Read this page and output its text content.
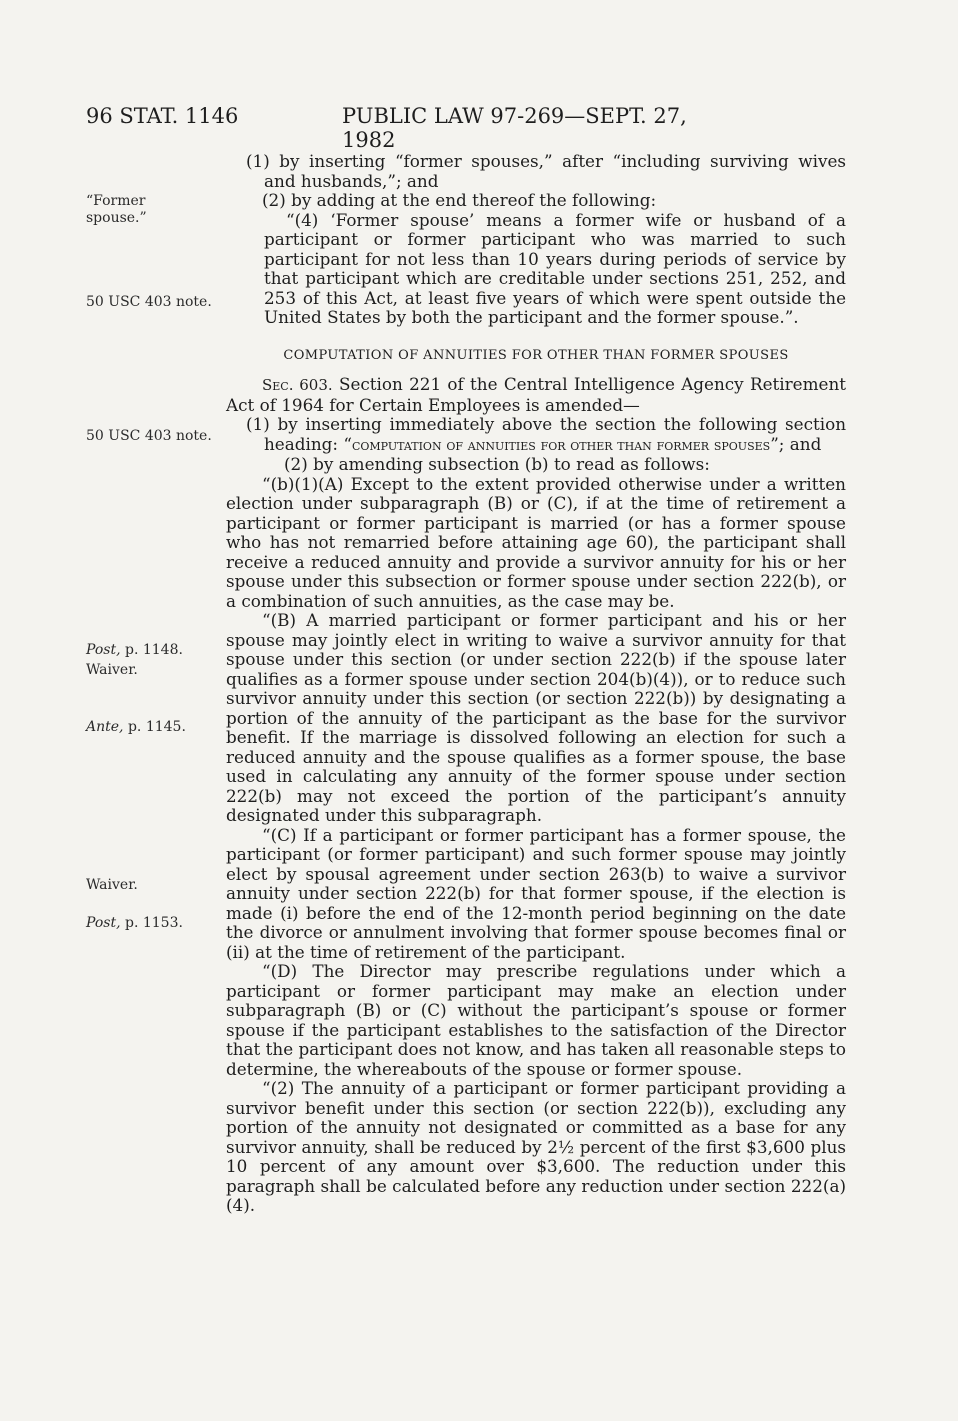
96 STAT. 1146	PUBLIC LAW 97-269—SEPT. 27, 1982
“Former
spouse.”
50 USC 403 note.
50 USC 403 note.
Post, p. 1148.
Waiver.
Ante, p. 1145.
Waiver.
Post, p. 1153.

(1) by inserting “former spouses,” after “including surviving wives and husbands,”; and

(2) by adding at the end thereof the following:

“(4) ‘Former spouse’ means a former wife or husband of a participant or former participant who was married to such participant for not less than 10 years during periods of service by that participant which are creditable under sections 251, 252, and 253 of this Act, at least five years of which were spent outside the United States by both the participant and the former spouse.”.

COMPUTATION OF ANNUITIES FOR OTHER THAN FORMER SPOUSES

Sec. 603. Section 221 of the Central Intelligence Agency Retirement Act of 1964 for Certain Employees is amended—

(1) by inserting immediately above the section the following section heading: “computation of annuities for other than former spouses”; and

(2) by amending subsection (b) to read as follows:

“(b)(1)(A) Except to the extent provided otherwise under a written election under subparagraph (B) or (C), if at the time of retirement a participant or former participant is married (or has a former spouse who has not remarried before attaining age 60), the participant shall receive a reduced annuity and provide a survivor annuity for his or her spouse under this subsection or former spouse under section 222(b), or a combination of such annuities, as the case may be.

“(B) A married participant or former participant and his or her spouse may jointly elect in writing to waive a survivor annuity for that spouse under this section (or under section 222(b) if the spouse later qualifies as a former spouse under section 204(b)(4)), or to reduce such survivor annuity under this section (or section 222(b)) by designating a portion of the annuity of the participant as the base for the survivor benefit. If the marriage is dissolved following an election for such a reduced annuity and the spouse qualifies as a former spouse, the base used in calculating any annuity of the former spouse under section 222(b) may not exceed the portion of the participant’s annuity designated under this subparagraph.

“(C) If a participant or former participant has a former spouse, the participant (or former participant) and such former spouse may jointly elect by spousal agreement under section 263(b) to waive a survivor annuity under section 222(b) for that former spouse, if the election is made (i) before the end of the 12-month period beginning on the date the divorce or annulment involving that former spouse becomes final or (ii) at the time of retirement of the participant.

“(D) The Director may prescribe regulations under which a participant or former participant may make an election under subparagraph (B) or (C) without the participant’s spouse or former spouse if the participant establishes to the satisfaction of the Director that the participant does not know, and has taken all reasonable steps to determine, the whereabouts of the spouse or former spouse.

“(2) The annuity of a participant or former participant providing a survivor benefit under this section (or section 222(b)), excluding any portion of the annuity not designated or committed as a base for any survivor annuity, shall be reduced by 2½ percent of the first $3,600 plus 10 percent of any amount over $3,600. The reduction under this paragraph shall be calculated before any reduction under section 222(a)(4).
